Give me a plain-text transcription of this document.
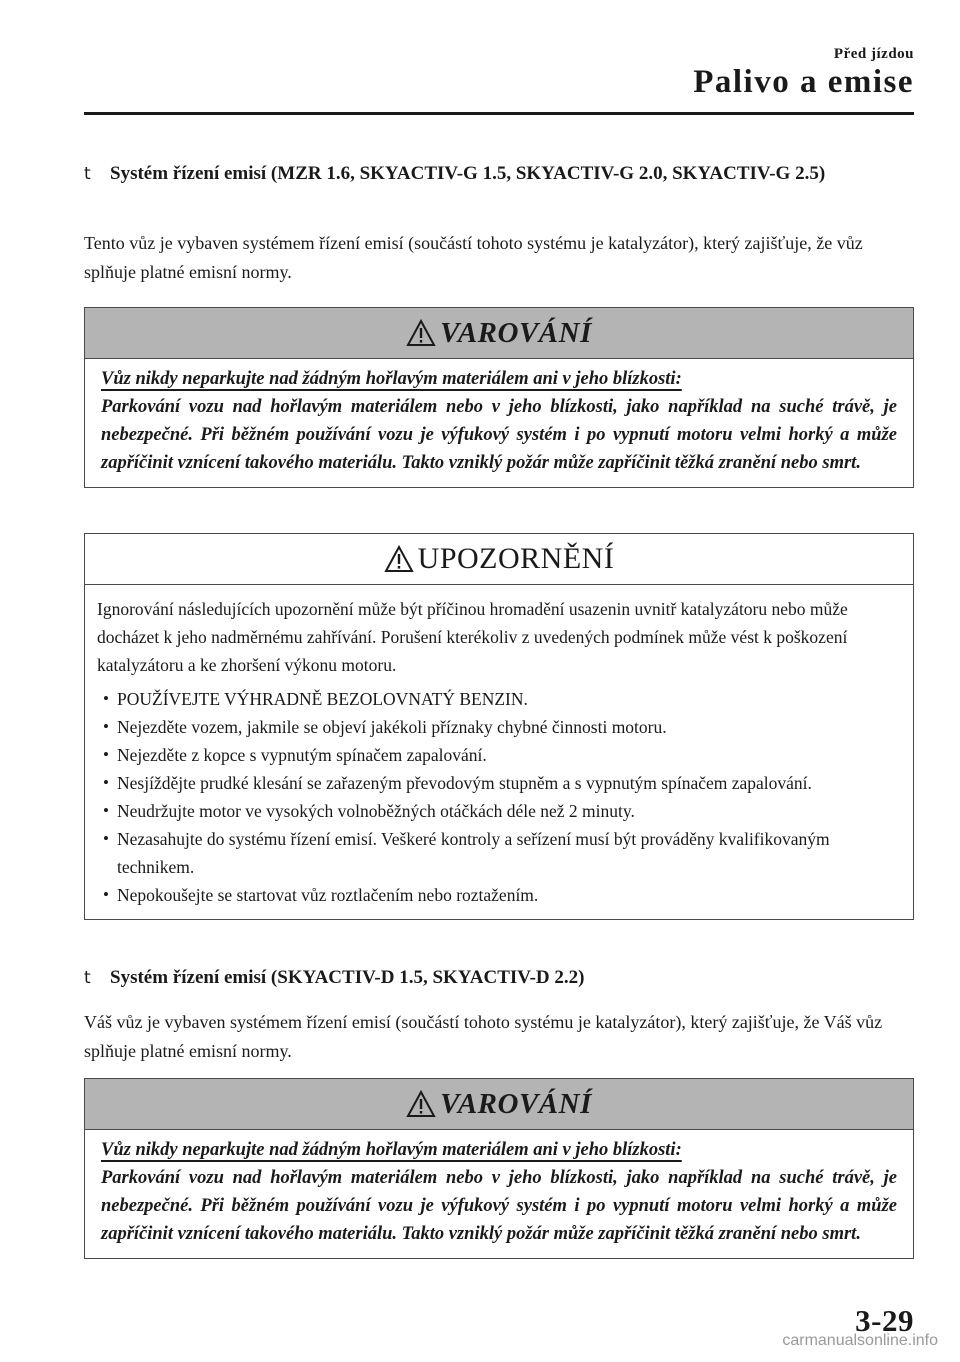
Před jízdou
Palivo a emise
t Systém řízení emisí (MZR 1.6, SKYACTIV-G 1.5, SKYACTIV-G 2.0, SKYACTIV-G 2.5)
Tento vůz je vybaven systémem řízení emisí (součástí tohoto systému je katalyzátor), který zajišťuje, že vůz splňuje platné emisní normy.
VAROVÁNÍ
Vůz nikdy neparkujte nad žádným hořlavým materiálem ani v jeho blízkosti:
Parkování vozu nad hořlavým materiálem nebo v jeho blízkosti, jako například na suché trávě, je nebezpečné. Při běžném používání vozu je výfukový systém i po vypnutí motoru velmi horký a může zapříčinit vznícení takového materiálu. Takto vzniklý požár může zapříčinit těžká zranění nebo smrt.
UPOZORNĚNÍ
Ignorování následujících upozornění může být příčinou hromadění usazenin uvnitř katalyzátoru nebo může docházet k jeho nadměrnému zahřívání. Porušení kterékoliv z uvedených podmínek může vést k poškození katalyzátoru a ke zhoršení výkonu motoru.
• POUŽÍVEJTE VÝHRADNĚ BEZOLOVNATÝ BENZIN.
• Nejezděte vozem, jakmile se objeví jakékoli příznaky chybné činnosti motoru.
• Nejezděte z kopce s vypnutým spínačem zapalování.
• Nesjíždějte prudké klesání se zařazeným převodovým stupněm a s vypnutým spínačem zapalování.
• Neudržujte motor ve vysokých volnoběžných otáčkách déle než 2 minuty.
• Nezasahujte do systému řízení emisí. Veškeré kontroly a seřízení musí být prováděny kvalifikovaným technikem.
• Nepokoušejte se startovat vůz roztlačením nebo roztažením.
t Systém řízení emisí (SKYACTIV-D 1.5, SKYACTIV-D 2.2)
Váš vůz je vybaven systémem řízení emisí (součástí tohoto systému je katalyzátor), který zajišťuje, že Váš vůz splňuje platné emisní normy.
VAROVÁNÍ
Vůz nikdy neparkujte nad žádným hořlavým materiálem ani v jeho blízkosti:
Parkování vozu nad hořlavým materiálem nebo v jeho blízkosti, jako například na suché trávě, je nebezpečné. Při běžném používání vozu je výfukový systém i po vypnutí motoru velmi horký a může zapříčinit vznícení takového materiálu. Takto vzniklý požár může zapříčinit těžká zranění nebo smrt.
3-29
carmanualsonline.info
